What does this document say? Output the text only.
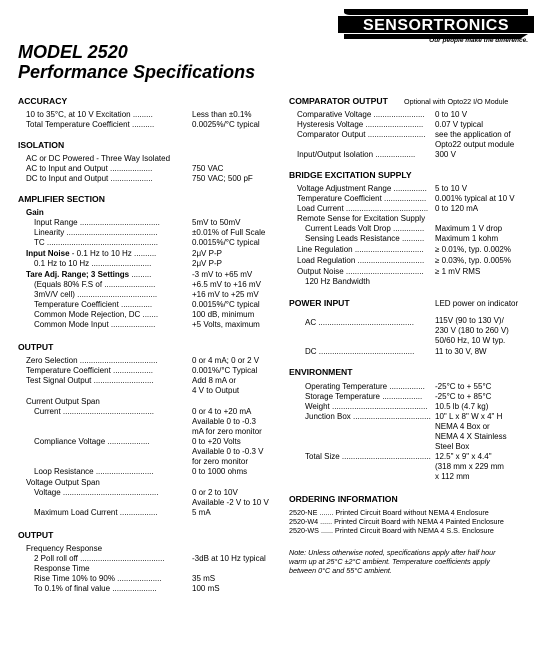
SENSORTRONICS
Our people make the difference.
MODEL 2520
Performance Specifications
ACCURACY
10 to 35°C, at 10 V Excitation .........	Less than ±0.1%
Total Temperature Coefficient ..........	0.0025%/°C typical
ISOLATION
AC or DC Powered - Three Way Isolated
AC to Input and Output ...................	750 VAC
DC to Input and Output ...................	750 VAC; 500 pF
AMPLIFIER SECTION
Gain
Input Range ....................................	5mV to 50mV
Linearity .........................................	±0.01% of Full Scale
TC ..................................................	0.0015%/°C typical
Input Noise - 0.1 Hz to 10 Hz ..........	2μV P-P
0.1 Hz to 10 Hz ...........................	2μV P-P
Tare Adj. Range; 3 Settings .........	-3 mV to +65 mV
(Equals 80% F.S of .......................	+6.5 mV to +16 mV
3mV/V cell) ....................................	+16 mV to +25 mV
Temperature Coefficient ..............	0.0015%/°C typical
Common Mode Rejection, DC .......	100 dB, minimum
Common Mode Input ....................	+5 Volts, maximum
OUTPUT
Zero Selection ...................................	0 or 4 mA; 0 or 2 V
Temperature Coefficient ..................	0.001%/°C Typical
Test Signal Output ...........................	Add 8 mA or
4 V to Output
Current Output Span
Current .........................................	0 or 4 to +20 mA
Available 0 to -0.3
mA for zero monitor
Compliance Voltage ...................	0 to +20 Volts
Available 0 to -0.3 V
for zero monitor
Loop Resistance ..........................	0 to 1000 ohms
Voltage Output Span
Voltage ...........................................	0 or 2 to 10V
Available -2 V to 10 V
Maximum Load Current .................	5 mA
OUTPUT
Frequency Response
2 Poll roll off ......................................	-3dB at 10 Hz typical
Response Time
Rise Time 10% to 90% ....................	35 mS
To 0.1% of final value ....................	100 mS
COMPARATOR OUTPUT Optional with Opto22 I/O Module
Comparative Voltage ....................... 0 to 10 V
Hysteresis Voltage .......................... 0.07 V typical
Comparator Output .......................... see the application of
Opto22 output module
Input/Output Isolation .................. 300 V
BRIDGE EXCITATION SUPPLY
Voltage Adjustment Range ............... 5 to 10 V
Temperature Coefficient ................... 0.001% typical at 10 V
Load Current ..................................... 0 to 120 mA
Remote Sense for Excitation Supply
Current Leads Volt Drop .............. Maximum 1 V drop
Sensing Leads Resistance .......... Maximum 1 kohm
Line Regulation ............................... ≥ 0.01%, typ. 0.002%
Load Regulation .............................. ≥ 0.03%, typ. 0.005%
Output Noise ................................... ≥ 1 mV RMS
120 Hz Bandwidth
POWER INPUT	LED power on indicator
AC ...........................................	115V (90 to 130 V)/
230 V (180 to 260 V)
50/60 Hz, 10 W typ.
DC ...........................................	11 to 30 V, 8W
ENVIRONMENT
Operating Temperature ................ -25°C to + 55°C
Storage Temperature .................. -25°C to + 85°C
Weight ........................................... 10.5 lb (4.7 kg)
Junction Box ................................... 10" L x 8" W x 4" H
NEMA 4 Box or
NEMA 4 X Stainless
Steel Box
Total Size ........................................ 12.5" x 9" x 4.4"
(318 mm x 229 mm
x 112 mm
ORDERING INFORMATION
2520-NE ....... Printed Circuit Board without NEMA 4 Enclosure
2520-W4 ...... Printed Circuit Board with NEMA 4 Painted Enclosure
2520-WS ...... Printed Circuit Board with NEMA 4 S.S. Enclosure
Note: Unless otherwise noted, specifications apply after half hour
warm up at 25°C ±2°C ambient. Temperature coefficients apply
between 0°C and 55°C ambient.
